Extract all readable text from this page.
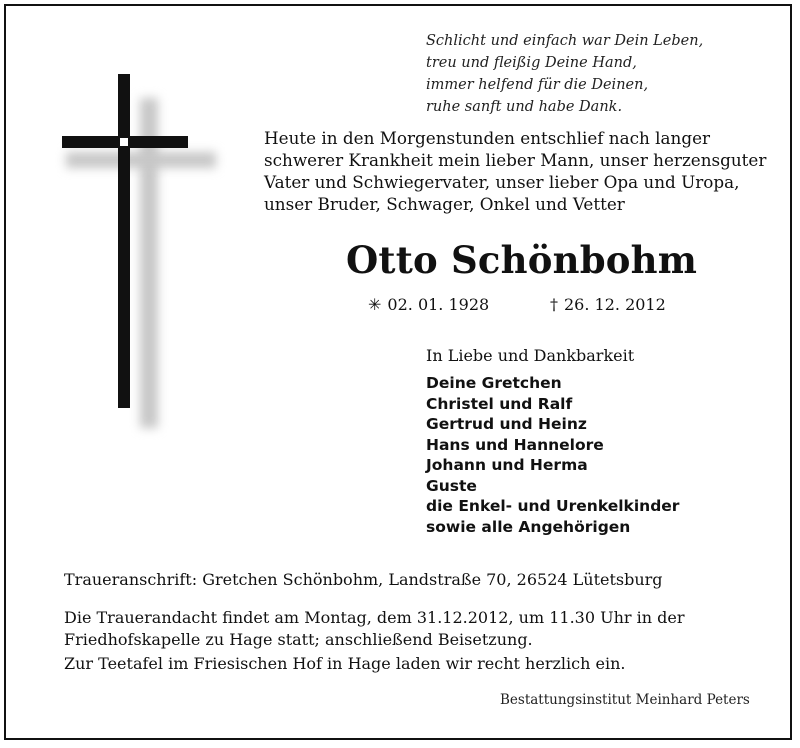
Schlicht und einfach war Dein Leben,
treu und fleißig Deine Hand,
immer helfend für die Deinen,
ruhe sanft und habe Dank.
Heute in den Morgenstunden entschlief nach langer
schwerer Krankheit mein lieber Mann, unser herzensguter
Vater und Schwiegervater, unser lieber Opa und Uropa,
unser Bruder, Schwager, Onkel und Vetter
Otto Schönbohm
✳ 02. 01. 1928	† 26. 12. 2012
In Liebe und Dankbarkeit
Deine Gretchen
Christel und Ralf
Gertrud und Heinz
Hans und Hannelore
Johann und Herma
Guste
die Enkel- und Urenkelkinder
sowie alle Angehörigen
Traueranschrift: Gretchen Schönbohm, Landstraße 70, 26524 Lütetsburg
Die Trauerandacht findet am Montag, dem 31.12.2012, um 11.30 Uhr in der
Friedhofskapelle zu Hage statt; anschließend Beisetzung.
Zur Teetafel im Friesischen Hof in Hage laden wir recht herzlich ein.
Bestattungsinstitut Meinhard Peters
